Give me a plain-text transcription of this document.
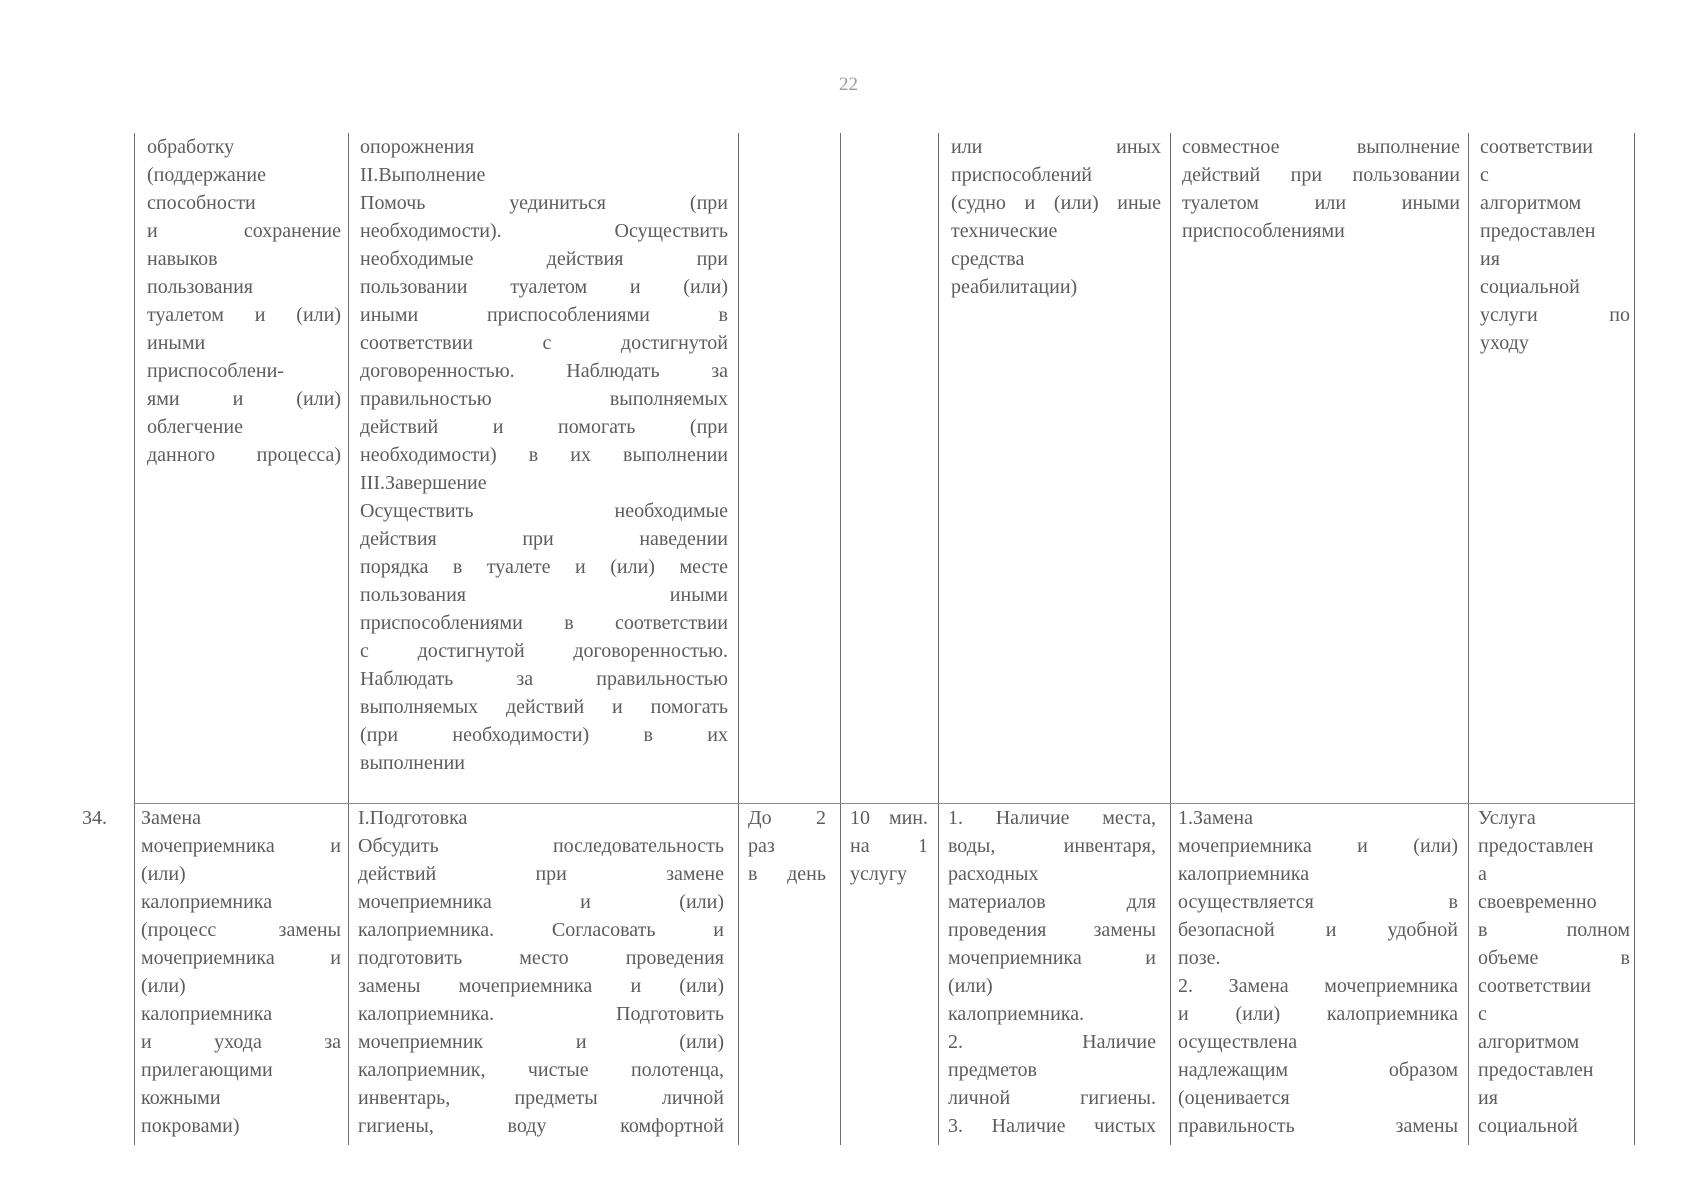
22
обработку
(поддержание
способности
и сохранение
навыков
пользования
туалетом и (или)
иными
приспособлени-
ями и (или)
облегчение
данного процесса)
опорожнения
II.Выполнение
Помочь уединиться (при
необходимости). Осуществить
необходимые действия при
пользовании туалетом и (или)
иными приспособлениями в
соответствии с достигнутой
договоренностью. Наблюдать за
правильностью выполняемых
действий и помогать (при
необходимости) в их выполнении
III.Завершение
Осуществить необходимые
действия при наведении
порядка в туалете и (или) месте
пользования иными
приспособлениями в соответствии
с достигнутой договоренностью.
Наблюдать за правильностью
выполняемых действий и помогать
(при необходимости) в их
выполнении
или иных
приспособлений
(судно и (или) иные
технические
средства
реабилитации)
совместное выполнение
действий при пользовании
туалетом или иными
приспособлениями
соответствии
с
алгоритмом
предоставлен
ия
социальной
услуги по
уходу
34.	Замена
мочеприемника и
(или)
калоприемника
(процесс замены
мочеприемника и
(или)
калоприемника
и ухода за
прилегающими
кожными
покровами)
I.Подготовка
Обсудить последовательность
действий при замене
мочеприемника и (или)
калоприемника. Согласовать и
подготовить место проведения
замены мочеприемника и (или)
калоприемника. Подготовить
мочеприемник и (или)
калоприемник, чистые полотенца,
инвентарь, предметы личной
гигиены, воду комфортной
До 2
раз
в день
10 мин.
на 1
услугу
1. Наличие места,
воды, инвентаря,
расходных
материалов для
проведения замены
мочеприемника и
(или)
калоприемника.
2. Наличие
предметов
личной гигиены.
3. Наличие чистых
1.Замена
мочеприемника и (или)
калоприемника
осуществляется в
безопасной и удобной
позе.
2. Замена мочеприемника
и (или) калоприемника
осуществлена
надлежащим образом
(оценивается
правильность замены
Услуга
предоставлен
а
своевременно
в полном
объеме в
соответствии
с
алгоритмом
предоставлен
ия
социальной
